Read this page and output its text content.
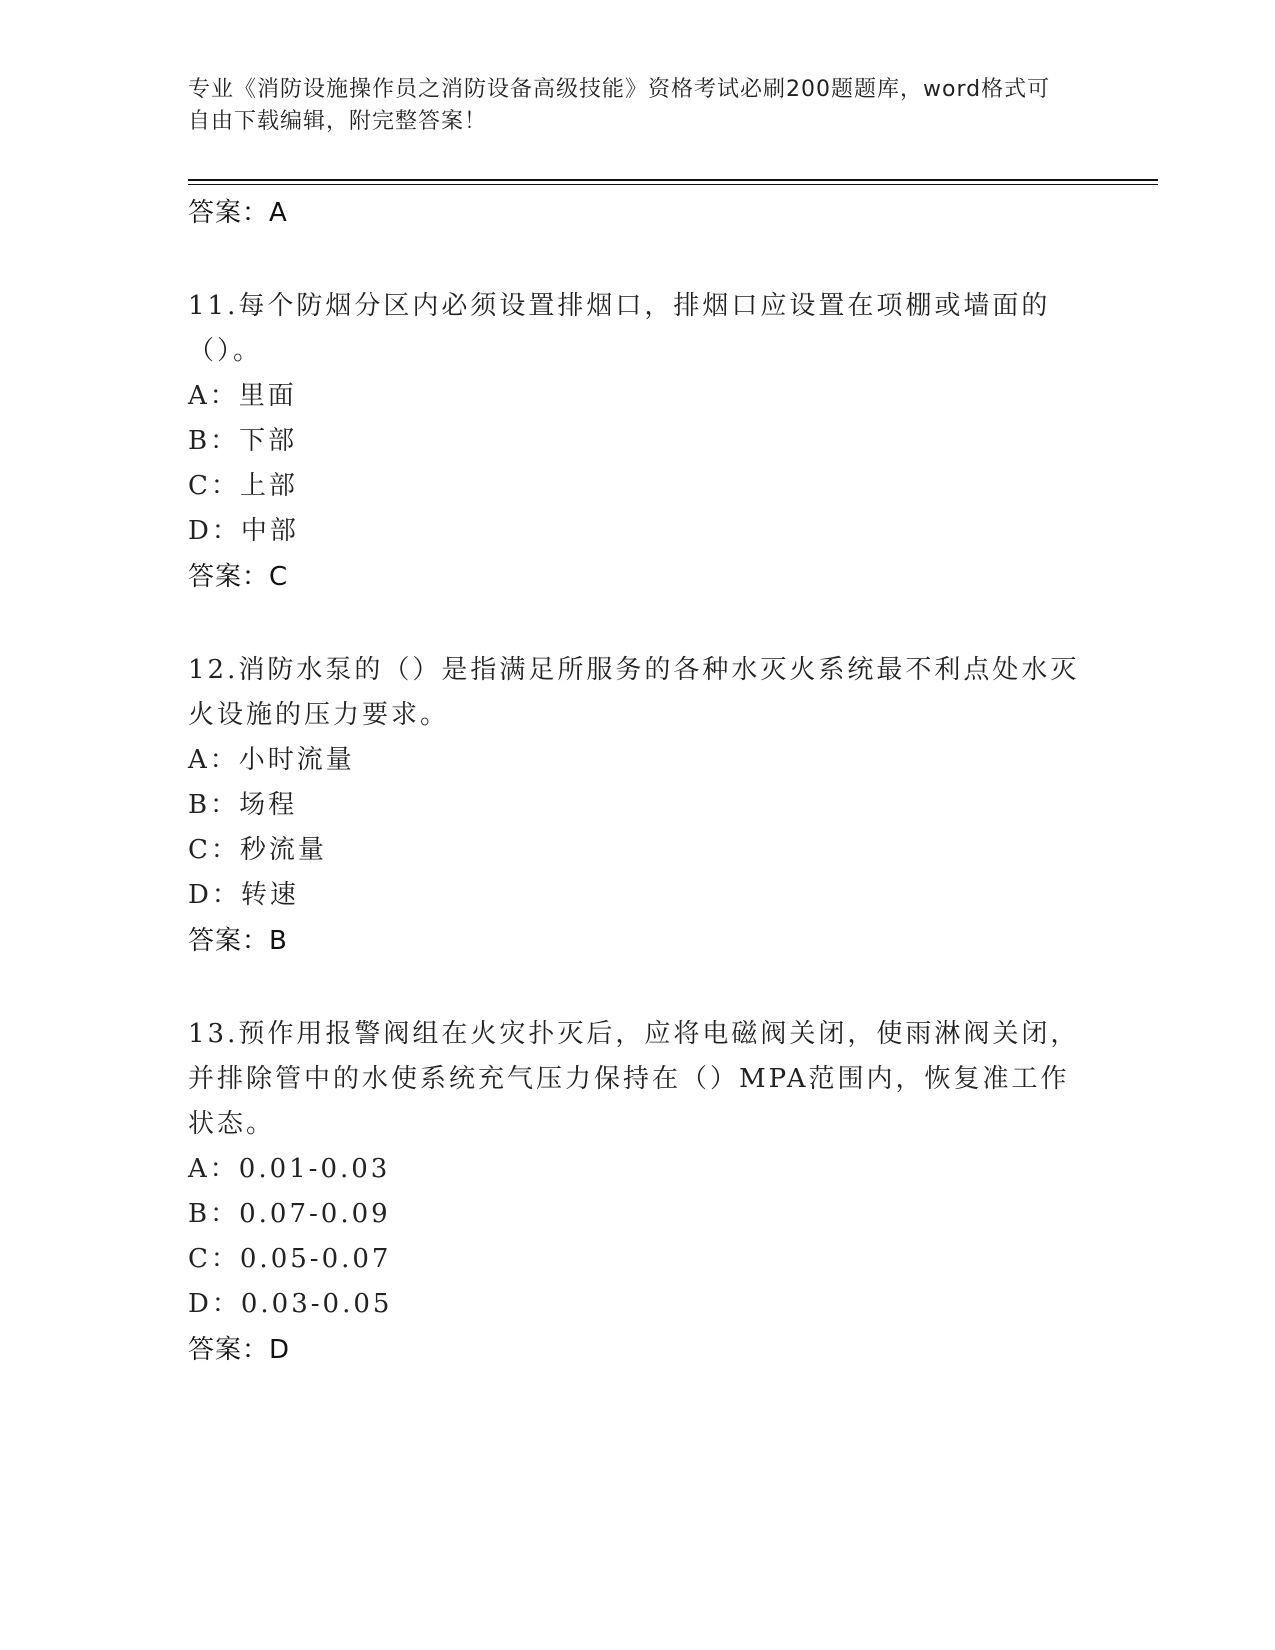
专业《消防设施操作员之消防设备高级技能》资格考试必刷200题题库，word格式可自由下载编辑，附完整答案！
答案：A
11.每个防烟分区内必须设置排烟口，排烟口应设置在项棚或墙面的（）。
A：里面
B：下部
C：上部
D：中部
答案：C
12.消防水泵的（）是指满足所服务的各种水灭火系统最不利点处水灭火设施的压力要求。
A：小时流量
B：场程
C：秒流量
D：转速
答案：B
13.预作用报警阀组在火灾扑灭后，应将电磁阀关闭，使雨淋阀关闭，并排除管中的水使系统充气压力保持在（）MPA范围内，恢复准工作状态。
A：0.01-0.03
B：0.07-0.09
C：0.05-0.07
D：0.03-0.05
答案：D
